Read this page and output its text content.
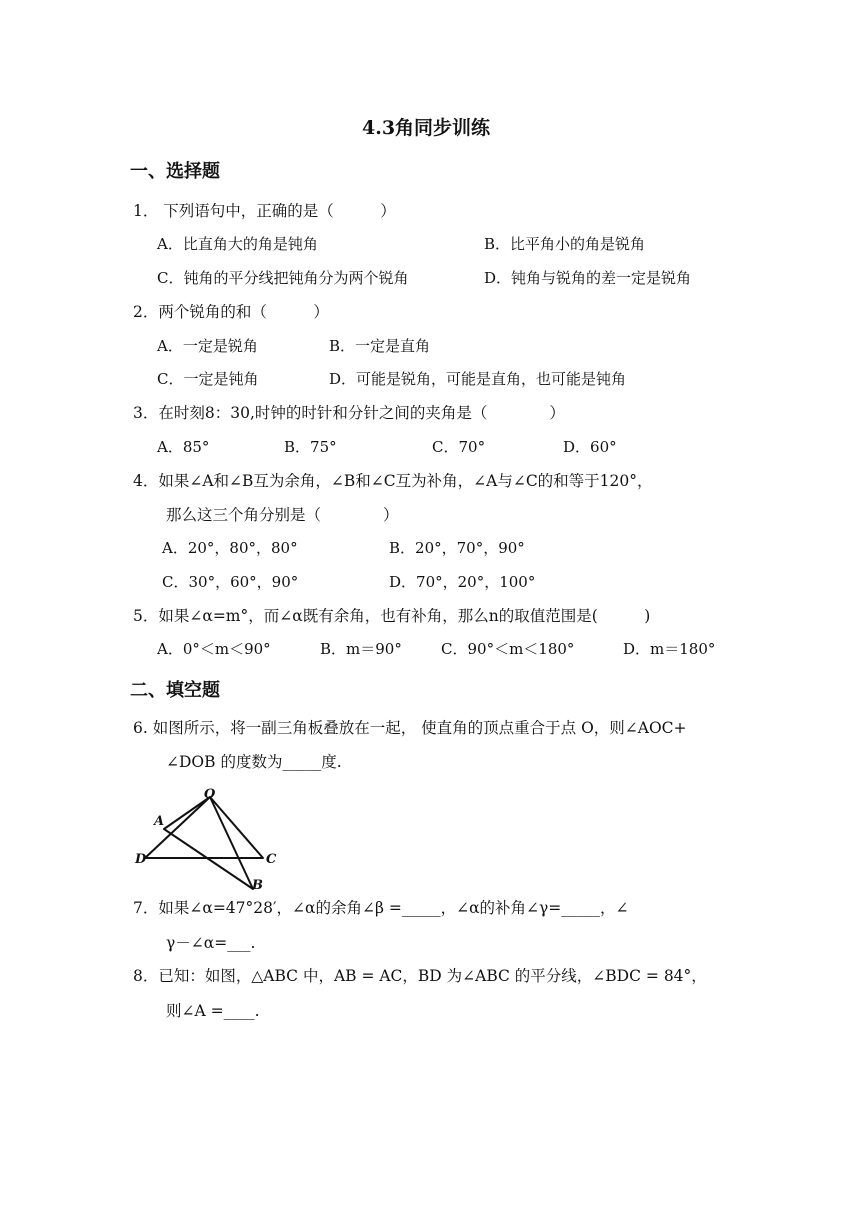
4.3角同步训练
一、选择题
1． 下列语句中，正确的是（　　　）
A．比直角大的角是钝角	B．比平角小的角是锐角
C．钝角的平分线把钝角分为两个锐角	D．钝角与锐角的差一定是锐角
2．两个锐角的和（　　　）
A．一定是锐角	B．一定是直角
C．一定是钝角	D．可能是锐角，可能是直角，也可能是钝角
3．在时刻8：30,时钟的时针和分针之间的夹角是（　　　　）
A．85°	B．75°	C．70°	D．60°
4．如果∠A和∠B互为余角，∠B和∠C互为补角，∠A与∠C的和等于120°，
那么这三个角分别是（　　　　）
A．20°，80°，80°	B．20°，70°，90°
C．30°，60°，90°	D．70°，20°，100°
5．如果∠α=m°，而∠α既有余角，也有补角，那么n的取值范围是(　　　)
A．0°＜m＜90°	B．m＝90°	C．90°＜m＜180°	D．m＝180°
二、填空题
6. 如图所示，将一副三角板叠放在一起， 使直角的顶点重合于点 O，则∠AOC+
∠DOB 的度数为_____度.
O
A
D	C
B
7．如果∠α=47°28′，∠α的余角∠β =_____，∠α的补角∠γ=_____，∠
γ－∠α=___.
8．已知：如图，△ABC 中，AB = AC，BD 为∠ABC 的平分线，∠BDC = 84°，
则∠A =____.
